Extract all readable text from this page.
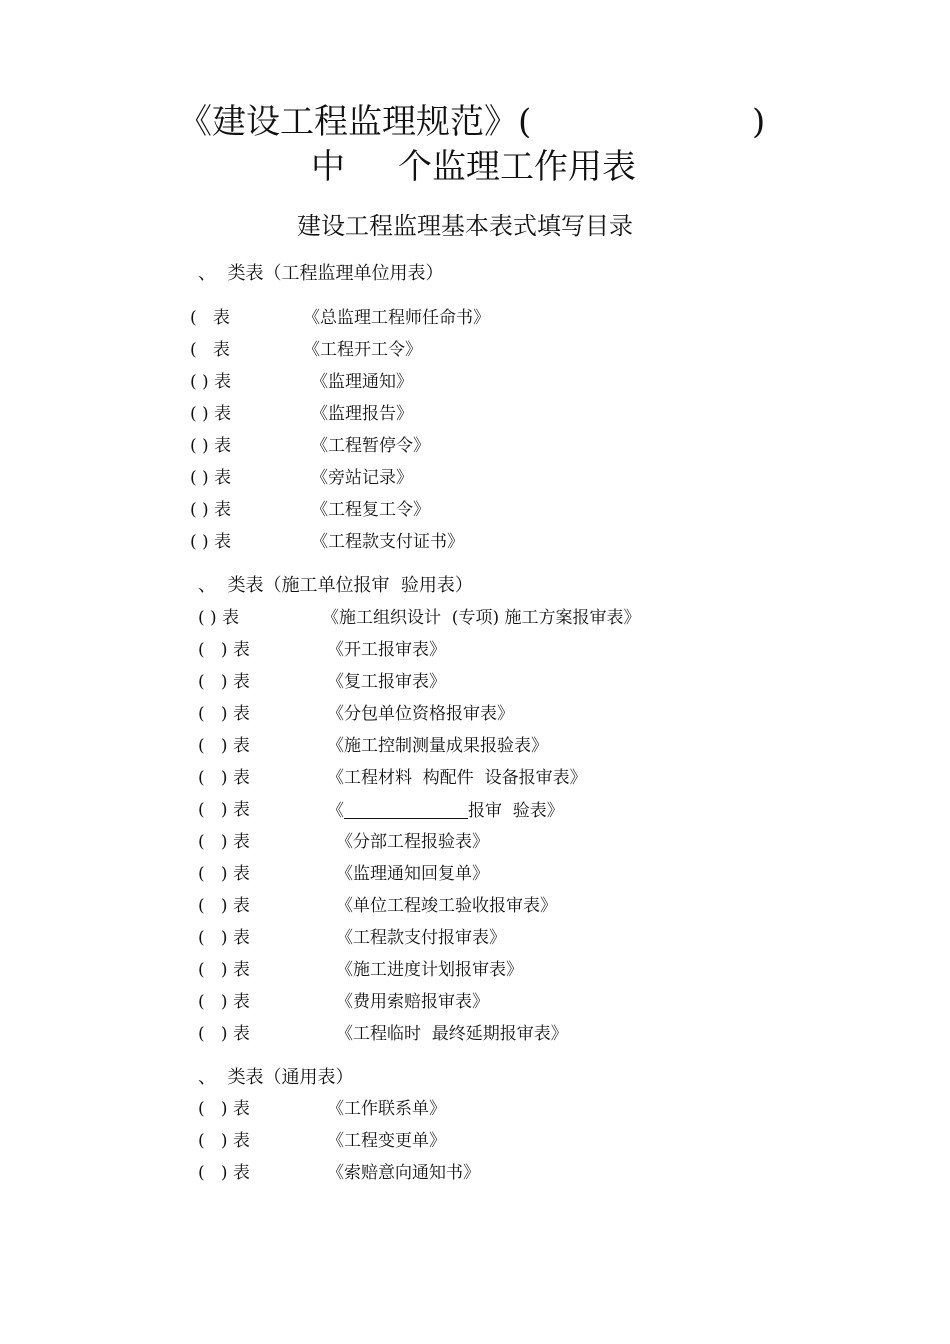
《建设工程监理规范》(	)
中 个监理工作用表
建设工程监理基本表式填写目录
、  类表（工程监理单位用表）
(   表	《总监理工程师任命书》
(   表	《工程开工令》
( ) 表	《监理通知》
( ) 表	《监理报告》
( ) 表	《工程暂停令》
( ) 表	《旁站记录》
( ) 表	《工程复工令》
( ) 表	《工程款支付证书》
、  类表（施工单位报审  验用表）
( ) 表	《施工组织设计  (专项) 施工方案报审表》
(   ) 表	《开工报审表》
(   ) 表	《复工报审表》
(   ) 表	《分包单位资格报审表》
(   ) 表	《施工控制测量成果报验表》
(   ) 表	《工程材料  构配件  设备报审表》
(   ) 表	《	报审  验表》
(   ) 表	《分部工程报验表》
(   ) 表	《监理通知回复单》
(   ) 表	《单位工程竣工验收报审表》
(   ) 表	《工程款支付报审表》
(   ) 表	《施工进度计划报审表》
(   ) 表	《费用索赔报审表》
(   ) 表	《工程临时  最终延期报审表》
、  类表（通用表）
(   ) 表	《工作联系单》
(   ) 表	《工程变更单》
(   ) 表	《索赔意向通知书》
